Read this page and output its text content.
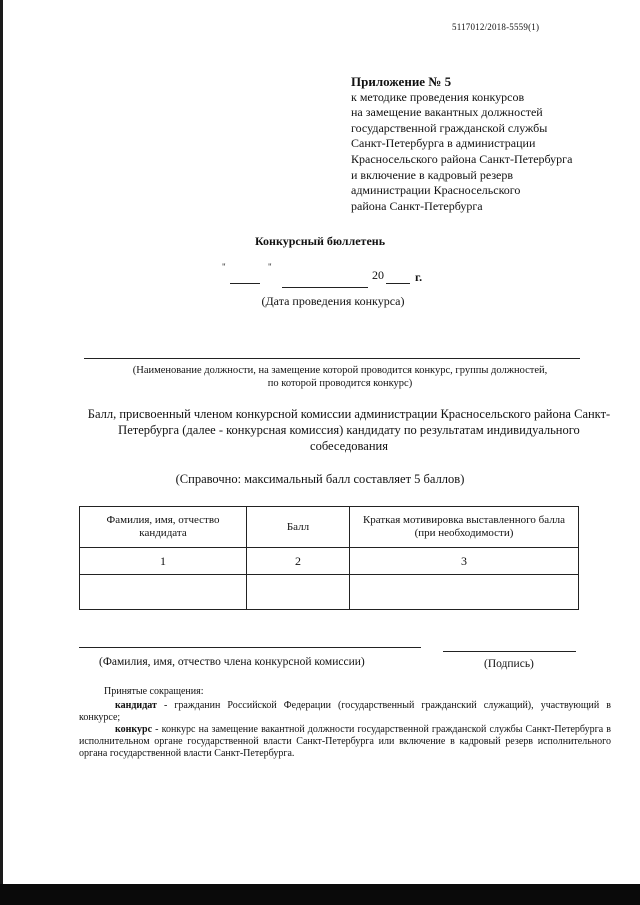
5117012/2018-5559(1)
Приложение № 5
к методике проведения конкурсов
на замещение вакантных должностей
государственной гражданской службы
Санкт-Петербурга в администрации
Красносельского района Санкт-Петербурга
и включение в кадровый резерв
администрации Красносельского
района Санкт-Петербурга
Конкурсный бюллетень
"	"
20	г.
(Дата проведения конкурса)
(Наименование должности, на замещение которой проводится конкурс, группы должностей,
по которой проводится конкурс)
Балл, присвоенный членом конкурсной комиссии администрации Красносельского района Санкт-Петербурга (далее - конкурсная комиссия) кандидату по результатам индивидуального собеседования
(Справочно: максимальный балл составляет 5 баллов)
Фамилия, имя, отчество кандидата	Балл	Краткая мотивировка выставленного балла (при необходимости)
1	2	3

(Фамилия, имя, отчество члена конкурсной комиссии)	(Подпись)
Принятые сокращения:
кандидат - гражданин Российской Федерации (государственный гражданский служащий), участвующий в конкурсе;
конкурс - конкурс на замещение вакантной должности государственной гражданской службы Санкт-Петербурга в исполнительном органе государственной власти Санкт-Петербурга или включение в кадровый резерв исполнительного органа государственной власти Санкт-Петербурга.
